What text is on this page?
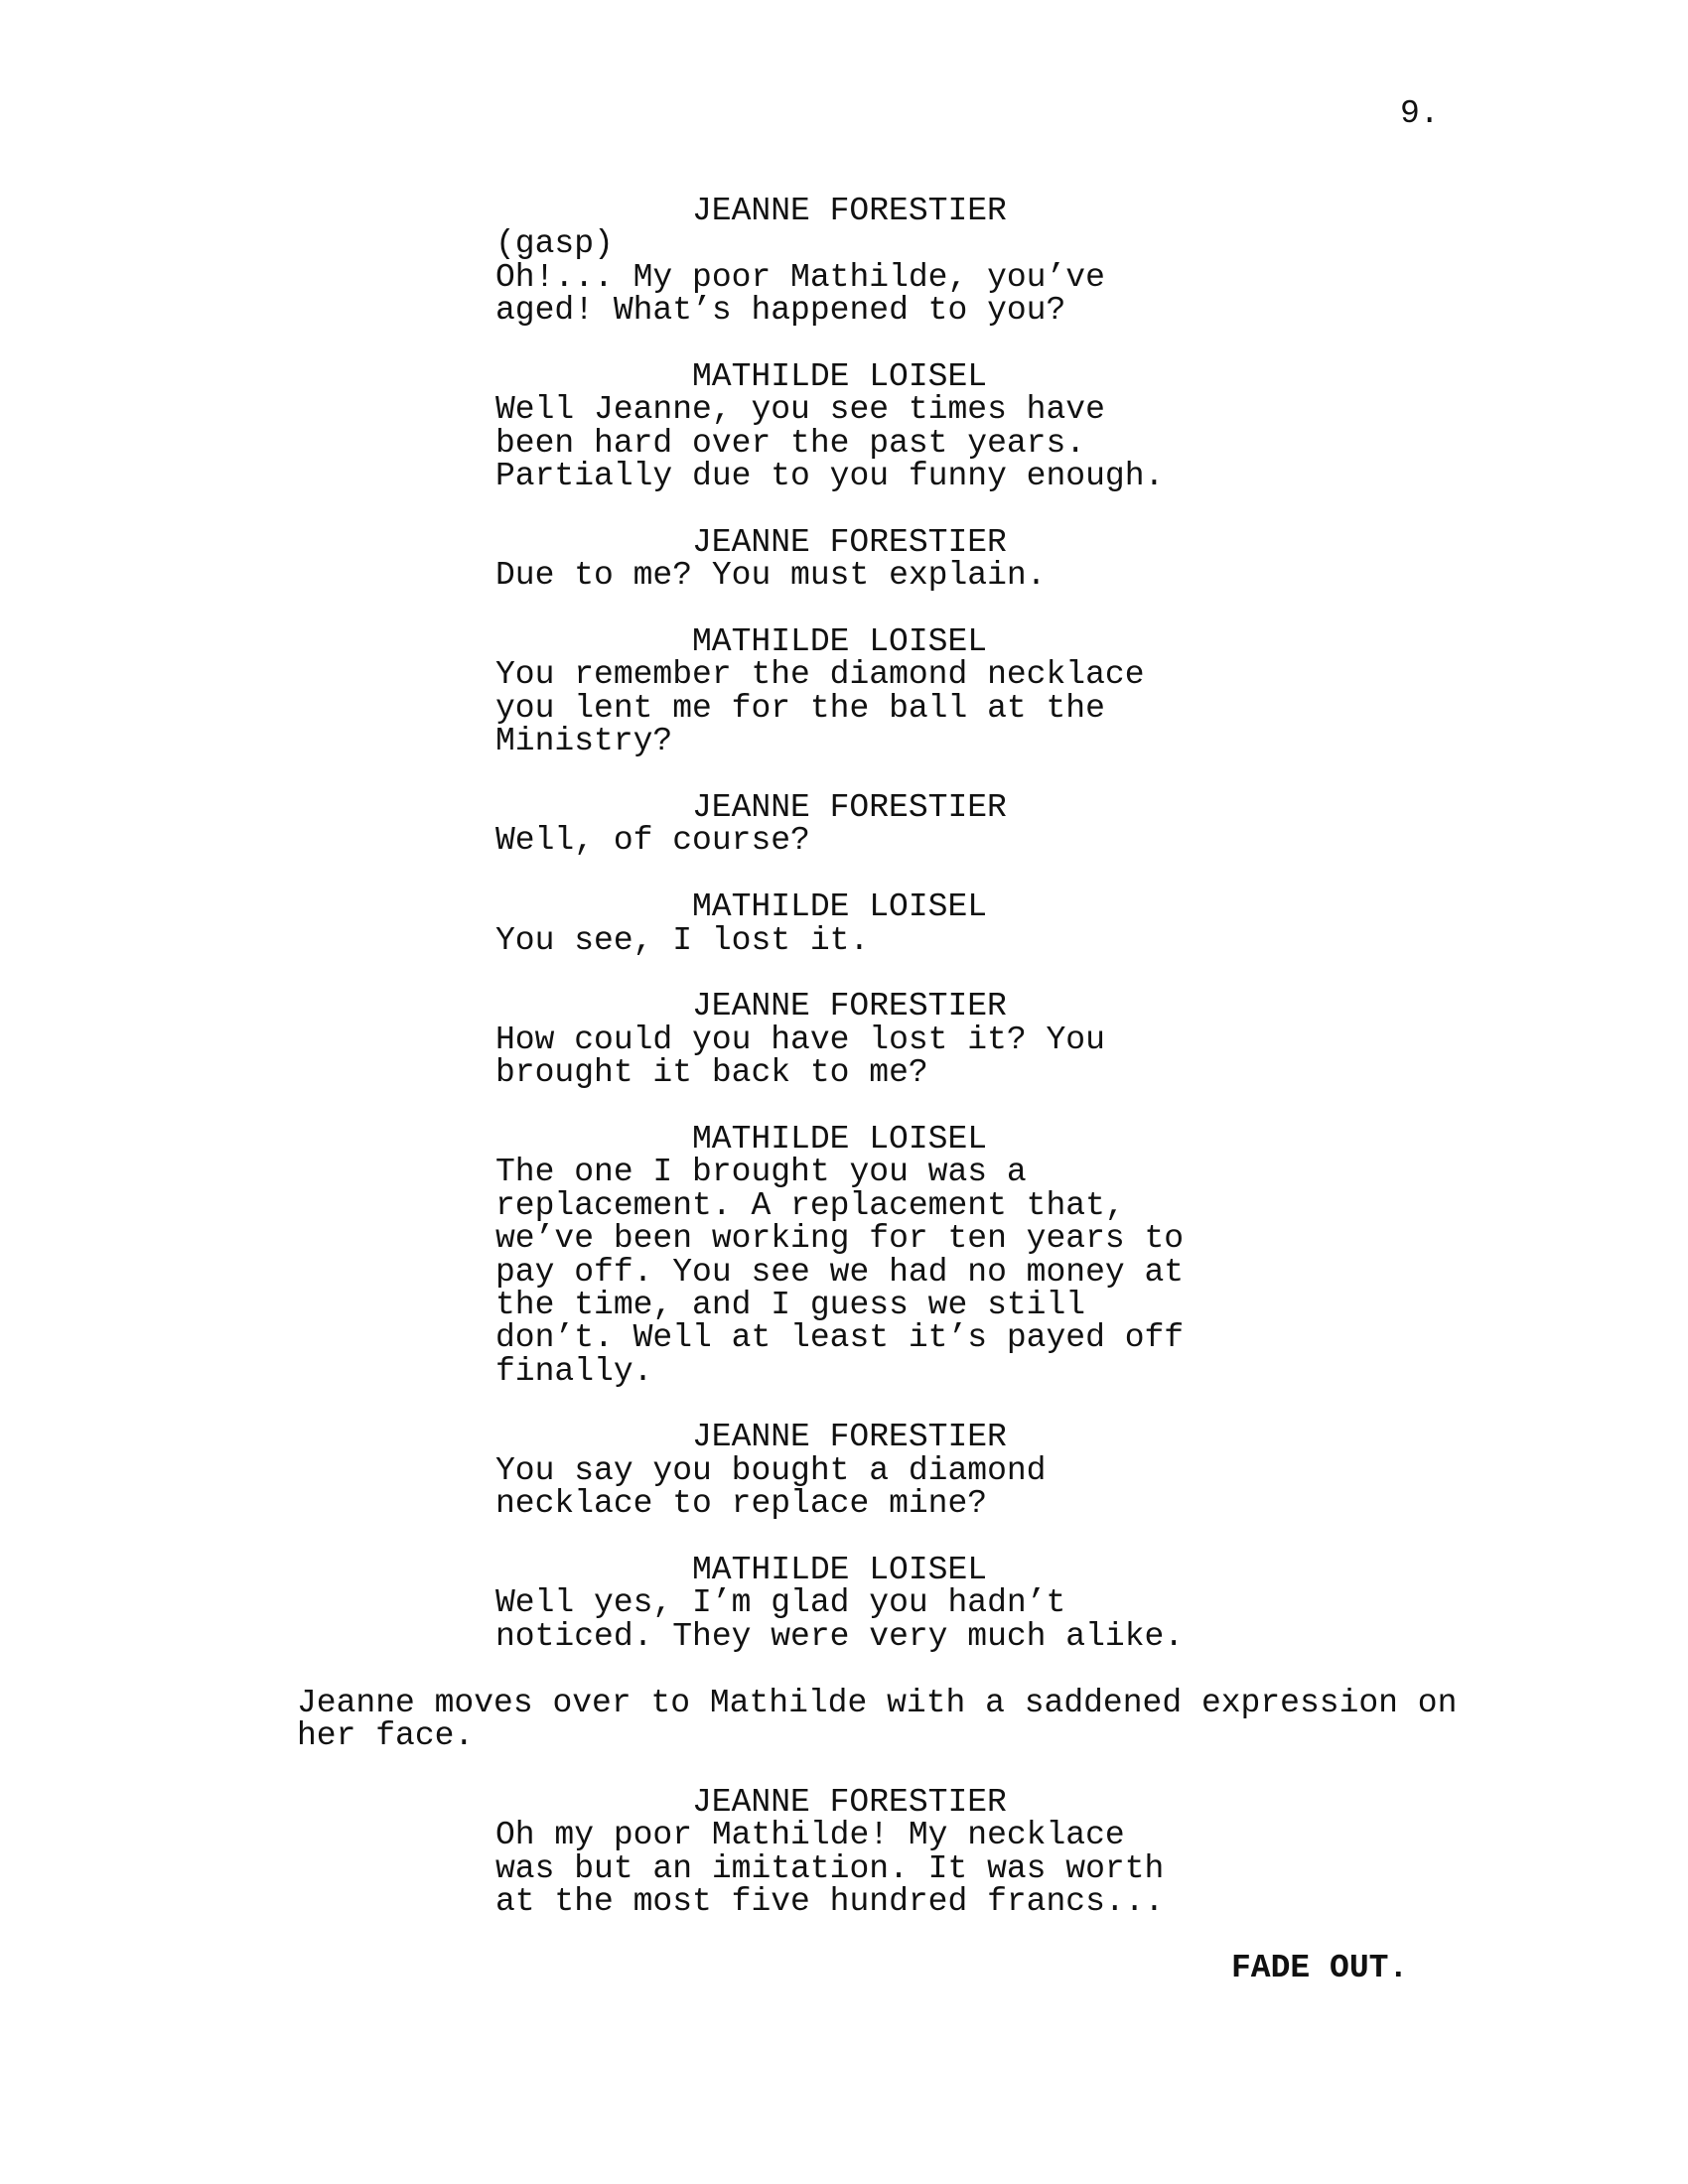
9.
JEANNE FORESTIER
(gasp)
Oh!... My poor Mathilde, you’ve
aged! What’s happened to you?
MATHILDE LOISEL
Well Jeanne, you see times have
been hard over the past years.
Partially due to you funny enough.
JEANNE FORESTIER
Due to me? You must explain.
MATHILDE LOISEL
You remember the diamond necklace
you lent me for the ball at the
Ministry?
JEANNE FORESTIER
Well, of course?
MATHILDE LOISEL
You see, I lost it.
JEANNE FORESTIER
How could you have lost it? You
brought it back to me?
MATHILDE LOISEL
The one I brought you was a
replacement. A replacement that,
we’ve been working for ten years to
pay off. You see we had no money at
the time, and I guess we still
don’t. Well at least it’s payed off
finally.
JEANNE FORESTIER
You say you bought a diamond
necklace to replace mine?
MATHILDE LOISEL
Well yes, I’m glad you hadn’t
noticed. They were very much alike.
Jeanne moves over to Mathilde with a saddened expression on
her face.
JEANNE FORESTIER
Oh my poor Mathilde! My necklace
was but an imitation. It was worth
at the most five hundred francs...
FADE OUT.
